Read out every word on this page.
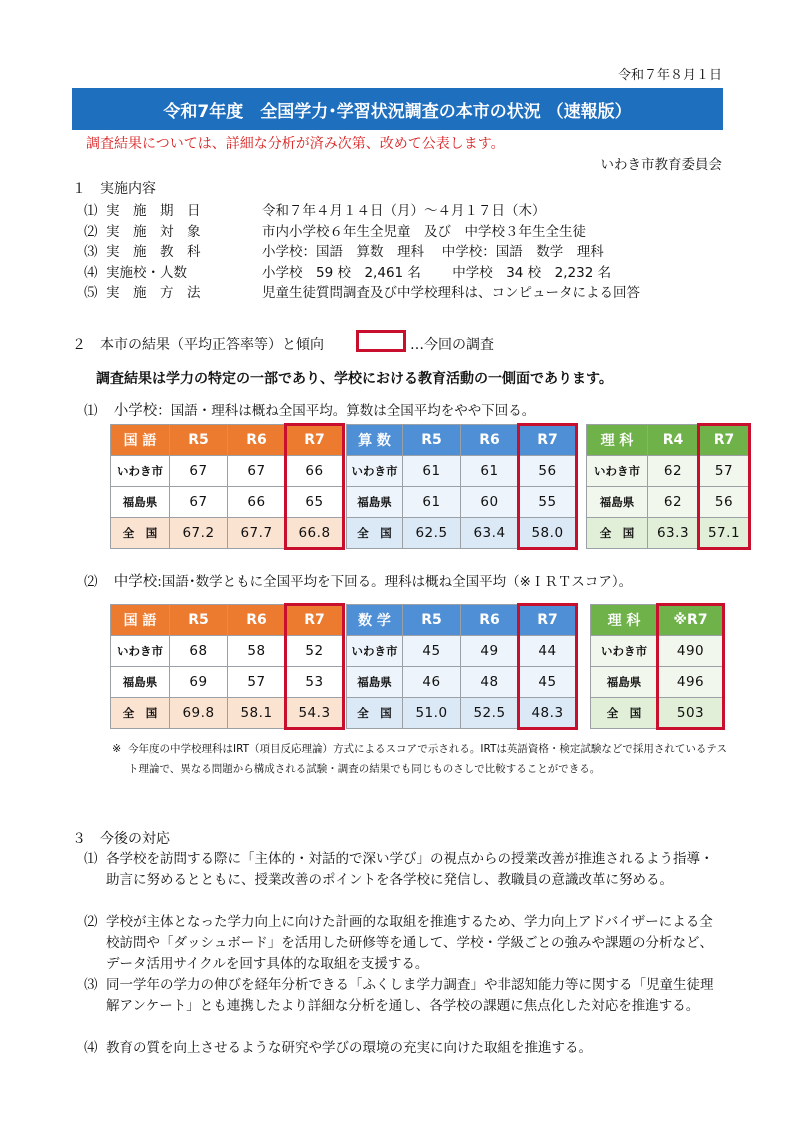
令和７年８月１日
令和7年度　全国学力･学習状況調査の本市の状況 （速報版）
調査結果については、詳細な分析が済み次第、改めて公表します。
いわき市教育委員会
１　実施内容
⑴ 実　施　期　日	令和７年４月１４日（月）～４月１７日（木）
⑵ 実　施　対　象	市内小学校６年生全児童　及び　中学校３年生全生徒
⑶ 実　施　教　科	小学校：国語　算数　理科　 中学校：国語　数学　理科
⑷ 実施校・人数	小学校　59 校　2,461 名　　 中学校　34 校　2,232 名
⑸ 実　施　方　法	児童生徒質問調査及び中学校理科は、コンピュータによる回答
２　本市の結果（平均正答率等）と傾向	…今回の調査
調査結果は学力の特定の一部であり、学校における教育活動の一側面であります。
⑴ 小学校：国語・理科は概ね全国平均。算数は全国平均をやや下回る。
⑵ 中学校:国語･数学ともに全国平均を下回る。理科は概ね全国平均（※ＩＲＴスコア）。
国 語	R5	R6	R7
いわき市	67	67	66
福島県	67	66	65
全　国	67.2	67.7	66.8
算 数	R5	R6	R7
いわき市	61	61	56
福島県	61	60	55
全　国	62.5	63.4	58.0
理 科	R4	R7
いわき市	62	57
福島県	62	56
全　国	63.3	57.1
国 語	R5	R6	R7
いわき市	68	58	52
福島県	69	57	53
全　国	69.8	58.1	54.3
数 学	R5	R6	R7
いわき市	45	49	44
福島県	46	48	45
全　国	51.0	52.5	48.3
理 科	※R7
いわき市	490
福島県	496
全　国	503
※ 今年度の中学校理科はIRT（項目反応理論）方式によるスコアで示される。IRTは英語資格・検定試験などで採用されているテスト理論で、異なる問題から構成される試験・調査の結果でも同じものさしで比較することができる。
３　今後の対応
⑴ 各学校を訪問する際に「主体的・対話的で深い学び」の視点からの授業改善が推進されるよう指導・助言に努めるとともに、授業改善のポイントを各学校に発信し、教職員の意識改革に努める。
⑵ 学校が主体となった学力向上に向けた計画的な取組を推進するため、学力向上アドバイザーによる全校訪問や「ダッシュボード」を活用した研修等を通して、学校・学級ごとの強みや課題の分析など、データ活用サイクルを回す具体的な取組を支援する。
⑶ 同一学年の学力の伸びを経年分析できる「ふくしま学力調査」や非認知能力等に関する「児童生徒理解アンケート」とも連携したより詳細な分析を通し、各学校の課題に焦点化した対応を推進する。
⑷ 教育の質を向上させるような研究や学びの環境の充実に向けた取組を推進する。
